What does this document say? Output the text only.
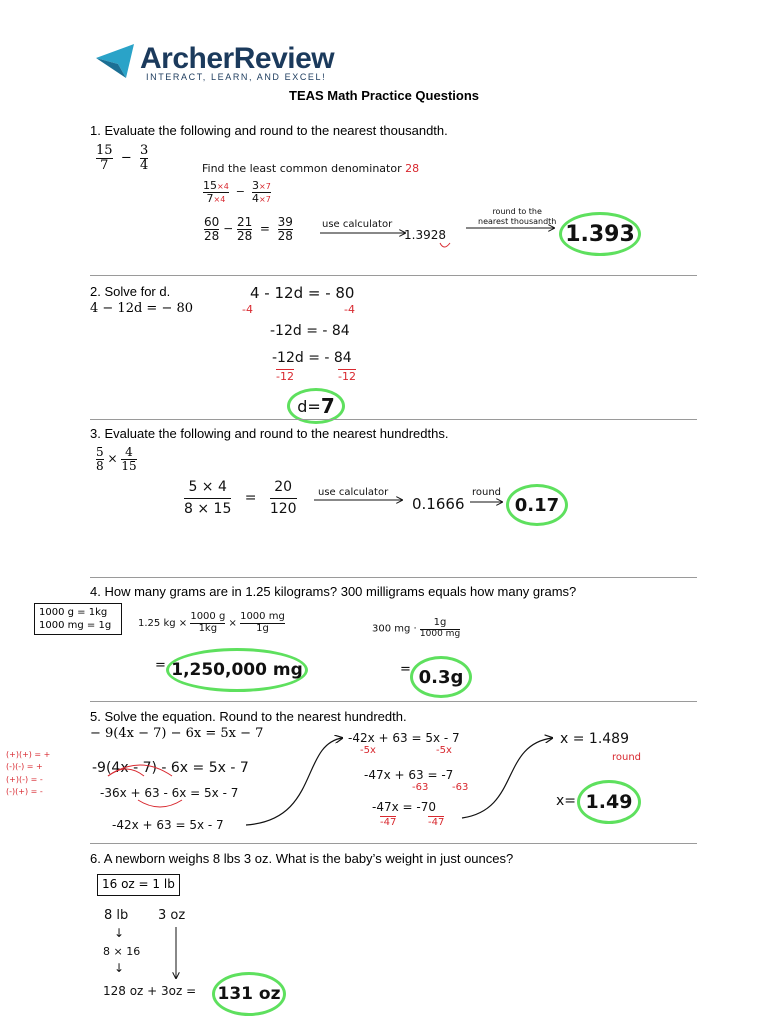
ArcherReview
INTERACT, LEARN, AND EXCEL!
TEAS Math Practice Questions
1. Evaluate the following and round to the nearest thousandth.
$\frac{15}{7} - \frac{3}{4}$	Find the least common denominator 28
$\frac{15\times 4}{7\times 4} - \frac{3\times 7}{4\times 7}$
$\frac{60}{28} - \frac{21}{28} = \frac{39}{28}$	use calculator
1.3928
round to the
nearest thousandth
1.393
2. Solve for d.
4 − 12d = − 80
4 - 12d = - 80
-4	-4
-12d = - 84
-12d = - 84
-12	-12
d= 7
3. Evaluate the following and round to the nearest hundredths.
$\frac{5}{8} \times \frac{4}{15}$
$\frac{5 \times 4}{8 \times 15} = \frac{20}{120}$ use calculator
0.1666
round
0.17
4. How many grams are in 1.25 kilograms? 300 milligrams equals how many grams?
1000 g = 1kg
1000 mg = 1g	1.25 kg × $\frac{1000 g}{1kg} \times \frac{1000 mg}{1g}$	300 mg · $\frac{1g}{1000 mg}$
= 1,250,000 mg	= 0.3g
5. Solve the equation. Round to the nearest hundredth.
− 9(4x − 7) − 6x = 5x − 7
(+)(+) = +
(-)(-) = +
(+)(-) = -
(-)(+) = -
-9(4x - 7) - 6x = 5x - 7
-36x + 63 - 6x = 5x - 7
-42x + 63 = 5x - 7
-42x + 63 = 5x - 7
-5x	-5x
-47x + 63 = -7
-63 -63
-47x = -70
-47	-47
x = 1.489
round
x= 1.49
6. A newborn weighs 8 lbs 3 oz. What is the baby’s weight in just ounces?
16 oz = 1 lb
8 lb 3 oz
↓
8 × 16
↓
128 oz + 3oz =	131 oz
